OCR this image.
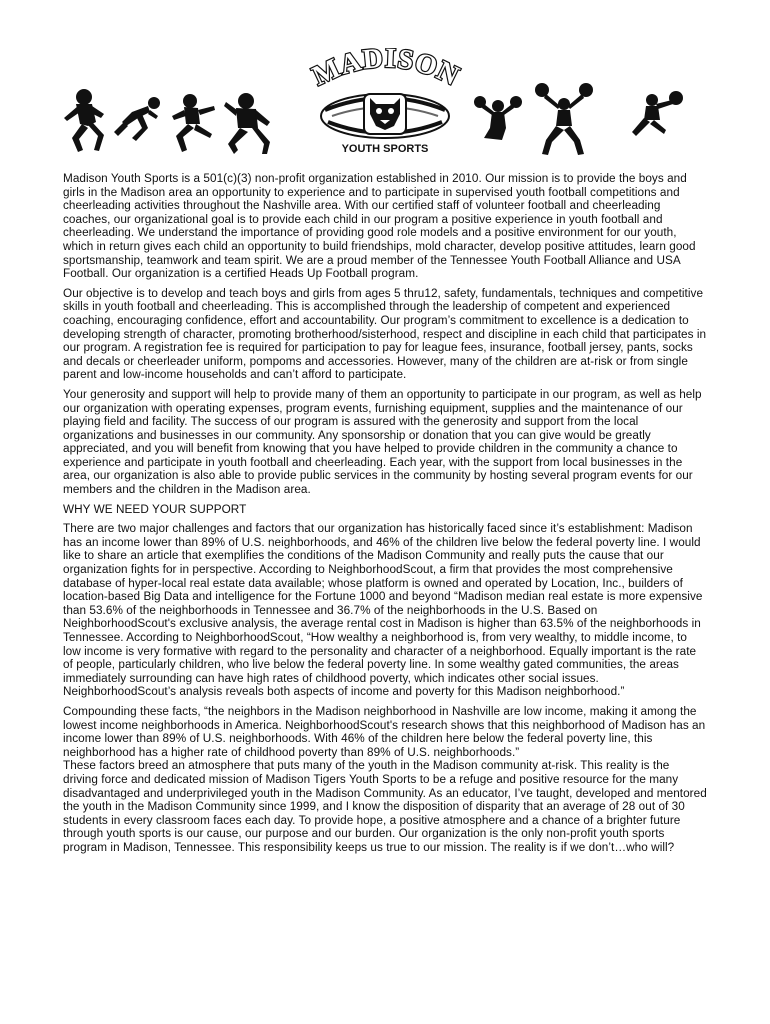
MADISON
YOUTH SPORTS

Madison Youth Sports is a 501(c)(3) non-profit organization established in 2010. Our mission is to provide the boys and girls in the Madison area an opportunity to experience and to participate in supervised youth football competitions and cheerleading activities throughout the Nashville area. With our certified staff of volunteer football and cheerleading coaches, our organizational goal is to provide each child in our program a positive experience in youth football and cheerleading. We understand the importance of providing good role models and a positive environment for our youth, which in return gives each child an opportunity to build friendships, mold character, develop positive attitudes, learn good sportsmanship, teamwork and team spirit. We are a proud member of the Tennessee Youth Football Alliance and USA Football. Our organization is a certified Heads Up Football program.

Our objective is to develop and teach boys and girls from ages 5 thru12, safety, fundamentals, techniques and competitive skills in youth football and cheerleading. This is accomplished through the leadership of competent and experienced coaching, encouraging confidence, effort and accountability. Our program’s commitment to excellence is a dedication to developing strength of character, promoting brotherhood/sisterhood, respect and discipline in each child that participates in our program. A registration fee is required for participation to pay for league fees, insurance, football jersey, pants, socks and decals or cheerleader uniform, pompoms and accessories. However, many of the children are at-risk or from single parent and low-income households and can’t afford to participate.

Your generosity and support will help to provide many of them an opportunity to participate in our program, as well as help our organization with operating expenses, program events, furnishing equipment, supplies and the maintenance of our playing field and facility. The success of our program is assured with the generosity and support from the local organizations and businesses in our community. Any sponsorship or donation that you can give would be greatly appreciated, and you will benefit from knowing that you have helped to provide children in the community a chance to experience and participate in youth football and cheerleading. Each year, with the support from local businesses in the area, our organization is also able to provide public services in the community by hosting several program events for our members and the children in the Madison area.

WHY WE NEED YOUR SUPPORT

There are two major challenges and factors that our organization has historically faced since it’s establishment: Madison has an income lower than 89% of U.S. neighborhoods, and 46% of the children live below the federal poverty line. I would like to share an article that exemplifies the conditions of the Madison Community and really puts the cause that our organization fights for in perspective. According to NeighborhoodScout, a firm that provides the most comprehensive database of hyper-local real estate data available; whose platform is owned and operated by Location, Inc., builders of location-based Big Data and intelligence for the Fortune 1000 and beyond “Madison median real estate is more expensive than 53.6% of the neighborhoods in Tennessee and 36.7% of the neighborhoods in the U.S. Based on NeighborhoodScout's exclusive analysis, the average rental cost in Madison is higher than 63.5% of the neighborhoods in Tennessee. According to NeighborhoodScout, “How wealthy a neighborhood is, from very wealthy, to middle income, to low income is very formative with regard to the personality and character of a neighborhood. Equally important is the rate of people, particularly children, who live below the federal poverty line. In some wealthy gated communities, the areas immediately surrounding can have high rates of childhood poverty, which indicates other social issues. NeighborhoodScout’s analysis reveals both aspects of income and poverty for this Madison neighborhood.”

Compounding these facts, “the neighbors in the Madison neighborhood in Nashville are low income, making it among the lowest income neighborhoods in America. NeighborhoodScout's research shows that this neighborhood of Madison has an income lower than 89% of U.S. neighborhoods. With 46% of the children here below the federal poverty line, this neighborhood has a higher rate of childhood poverty than 89% of U.S. neighborhoods.”

These factors breed an atmosphere that puts many of the youth in the Madison community at-risk. This reality is the driving force and dedicated mission of Madison Tigers Youth Sports to be a refuge and positive resource for the many disadvantaged and underprivileged youth in the Madison Community. As an educator, I’ve taught, developed and mentored the youth in the Madison Community since 1999, and I know the disposition of disparity that an average of 28 out of 30 students in every classroom faces each day. To provide hope, a positive atmosphere and a chance of a brighter future through youth sports is our cause, our purpose and our burden. Our organization is the only non-profit youth sports program in Madison, Tennessee. This responsibility keeps us true to our mission. The reality is if we don’t…who will?
